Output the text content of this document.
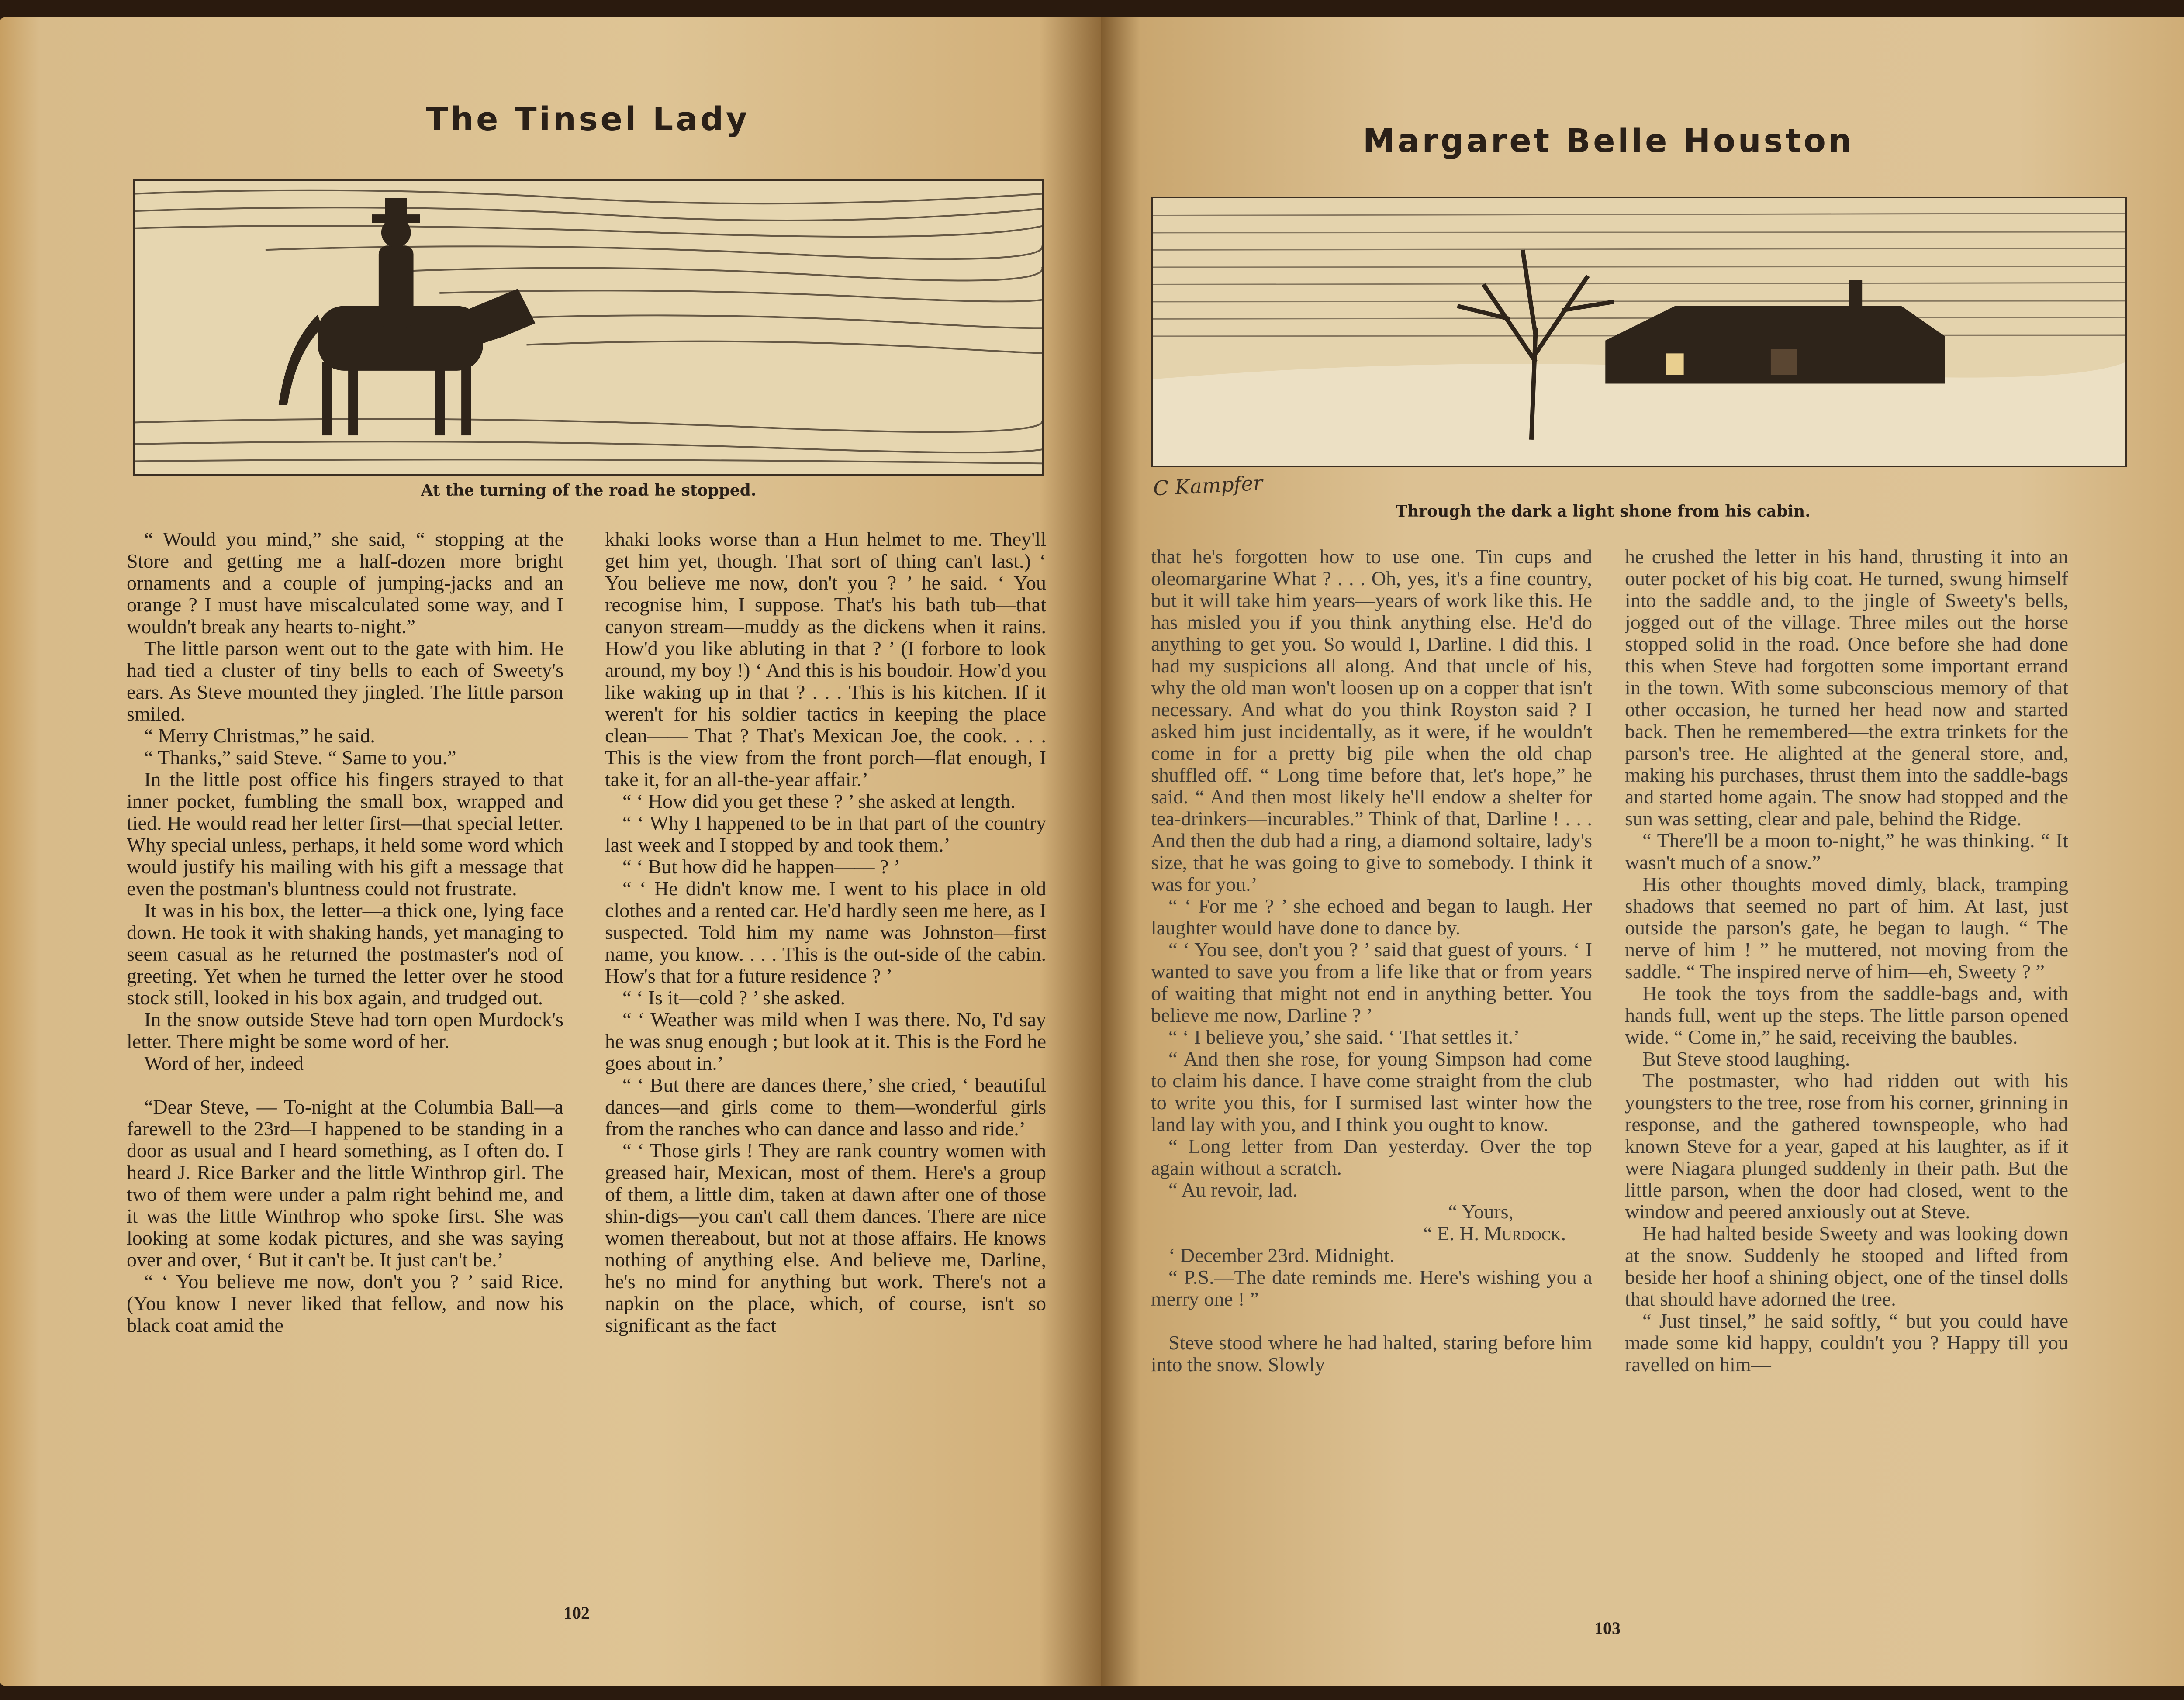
The Tinsel Lady
At the turning of the road he stopped.

“ Would you mind,” she said, “ stopping at the Store and getting me a half-dozen more bright ornaments and a couple of jumping-jacks and an orange ? I must have miscalculated some way, and I wouldn't break any hearts to-night.”

The little parson went out to the gate with him. He had tied a cluster of tiny bells to each of Sweety's ears. As Steve mounted they jingled. The little parson smiled.

“ Merry Christmas,” he said.

“ Thanks,” said Steve. “ Same to you.”

In the little post office his fingers strayed to that inner pocket, fumbling the small box, wrapped and tied. He would read her letter first—that special letter. Why special unless, perhaps, it held some word which would justify his mailing with his gift a message that even the postman's bluntness could not frustrate.

It was in his box, the letter—a thick one, lying face down. He took it with shaking hands, yet managing to seem casual as he returned the postmaster's nod of greeting. Yet when he turned the letter over he stood stock still, looked in his box again, and trudged out.

In the snow outside Steve had torn open Murdock's letter. There might be some word of her.

Word of her, indeed

“Dear Steve, — To-night at the Columbia Ball—a farewell to the 23rd—I happened to be standing in a door as usual and I heard something, as I often do. I heard J. Rice Barker and the little Winthrop girl. The two of them were under a palm right behind me, and it was the little Winthrop who spoke first. She was looking at some kodak pictures, and she was saying over and over, ‘ But it can't be. It just can't be.’

“ ‘ You believe me now, don't you ? ’ said Rice. (You know I never liked that fellow, and now his black coat amid the

khaki looks worse than a Hun helmet to me. They'll get him yet, though. That sort of thing can't last.) ‘ You believe me now, don't you ? ’ he said. ‘ You recognise him, I suppose. That's his bath tub—that canyon stream—muddy as the dickens when it rains. How'd you like abluting in that ? ’ (I forbore to look around, my boy !) ‘ And this is his boudoir. How'd you like waking up in that ? . . . This is his kitchen. If it weren't for his soldier tactics in keeping the place clean—— That ? That's Mexican Joe, the cook. . . . This is the view from the front porch—flat enough, I take it, for an all-the-year affair.’

“ ‘ How did you get these ? ’ she asked at length.

“ ‘ Why I happened to be in that part of the country last week and I stopped by and took them.’

“ ‘ But how did he happen—— ? ’

“ ‘ He didn't know me. I went to his place in old clothes and a rented car. He'd hardly seen me here, as I suspected. Told him my name was Johnston—first name, you know. . . . This is the out-side of the cabin. How's that for a future residence ? ’

“ ‘ Is it—cold ? ’ she asked.

“ ‘ Weather was mild when I was there. No, I'd say he was snug enough ; but look at it. This is the Ford he goes about in.’

“ ‘ But there are dances there,’ she cried, ‘ beautiful dances—and girls come to them—wonderful girls from the ranches who can dance and lasso and ride.’

“ ‘ Those girls ! They are rank country women with greased hair, Mexican, most of them. Here's a group of them, a little dim, taken at dawn after one of those shin-digs—you can't call them dances. There are nice women thereabout, but not at those affairs. He knows nothing of anything else. And believe me, Darline, he's no mind for anything but work. There's not a napkin on the place, which, of course, isn't so significant as the fact

102
Margaret Belle Houston
C Kampfer
Through the dark a light shone from his cabin.

that he's forgotten how to use one. Tin cups and oleomargarine What ? . . . Oh, yes, it's a fine country, but it will take him years—years of work like this. He has misled you if you think anything else. He'd do anything to get you. So would I, Darline. I did this. I had my suspicions all along. And that uncle of his, why the old man won't loosen up on a copper that isn't necessary. And what do you think Royston said ? I asked him just incidentally, as it were, if he wouldn't come in for a pretty big pile when the old chap shuffled off. “ Long time before that, let's hope,” he said. “ And then most likely he'll endow a shelter for tea-drinkers—incurables.” Think of that, Darline ! . . . And then the dub had a ring, a diamond soltaire, lady's size, that he was going to give to somebody. I think it was for you.’

“ ‘ For me ? ’ she echoed and began to laugh. Her laughter would have done to dance by.

“ ‘ You see, don't you ? ’ said that guest of yours. ‘ I wanted to save you from a life like that or from years of waiting that might not end in anything better. You believe me now, Darline ? ’

“ ‘ I believe you,’ she said. ‘ That settles it.’

“ And then she rose, for young Simpson had come to claim his dance. I have come straight from the club to write you this, for I surmised last winter how the land lay with you, and I think you ought to know.

“ Long letter from Dan yesterday. Over the top again without a scratch.

“ Au revoir, lad.

“ Yours,

“ E. H. Murdock.

‘ December 23rd. Midnight.

“ P.S.—The date reminds me. Here's wishing you a merry one ! ”

Steve stood where he had halted, staring before him into the snow. Slowly

he crushed the letter in his hand, thrusting it into an outer pocket of his big coat. He turned, swung himself into the saddle and, to the jingle of Sweety's bells, jogged out of the village. Three miles out the horse stopped solid in the road. Once before she had done this when Steve had forgotten some important errand in the town. With some subconscious memory of that other occasion, he turned her head now and started back. Then he remembered—the extra trinkets for the parson's tree. He alighted at the general store, and, making his purchases, thrust them into the saddle-bags and started home again. The snow had stopped and the sun was setting, clear and pale, behind the Ridge.

“ There'll be a moon to-night,” he was thinking. “ It wasn't much of a snow.”

His other thoughts moved dimly, black, tramping shadows that seemed no part of him. At last, just outside the parson's gate, he began to laugh. “ The nerve of him ! ” he muttered, not moving from the saddle. “ The inspired nerve of him—eh, Sweety ? ”

He took the toys from the saddle-bags and, with hands full, went up the steps. The little parson opened wide. “ Come in,” he said, receiving the baubles.

But Steve stood laughing.

The postmaster, who had ridden out with his youngsters to the tree, rose from his corner, grinning in response, and the gathered townspeople, who had known Steve for a year, gaped at his laughter, as if it were Niagara plunged suddenly in their path. But the little parson, when the door had closed, went to the window and peered anxiously out at Steve.

He had halted beside Sweety and was looking down at the snow. Suddenly he stooped and lifted from beside her hoof a shining object, one of the tinsel dolls that should have adorned the tree.

“ Just tinsel,” he said softly, “ but you could have made some kid happy, couldn't you ? Happy till you ravelled on him—

103
